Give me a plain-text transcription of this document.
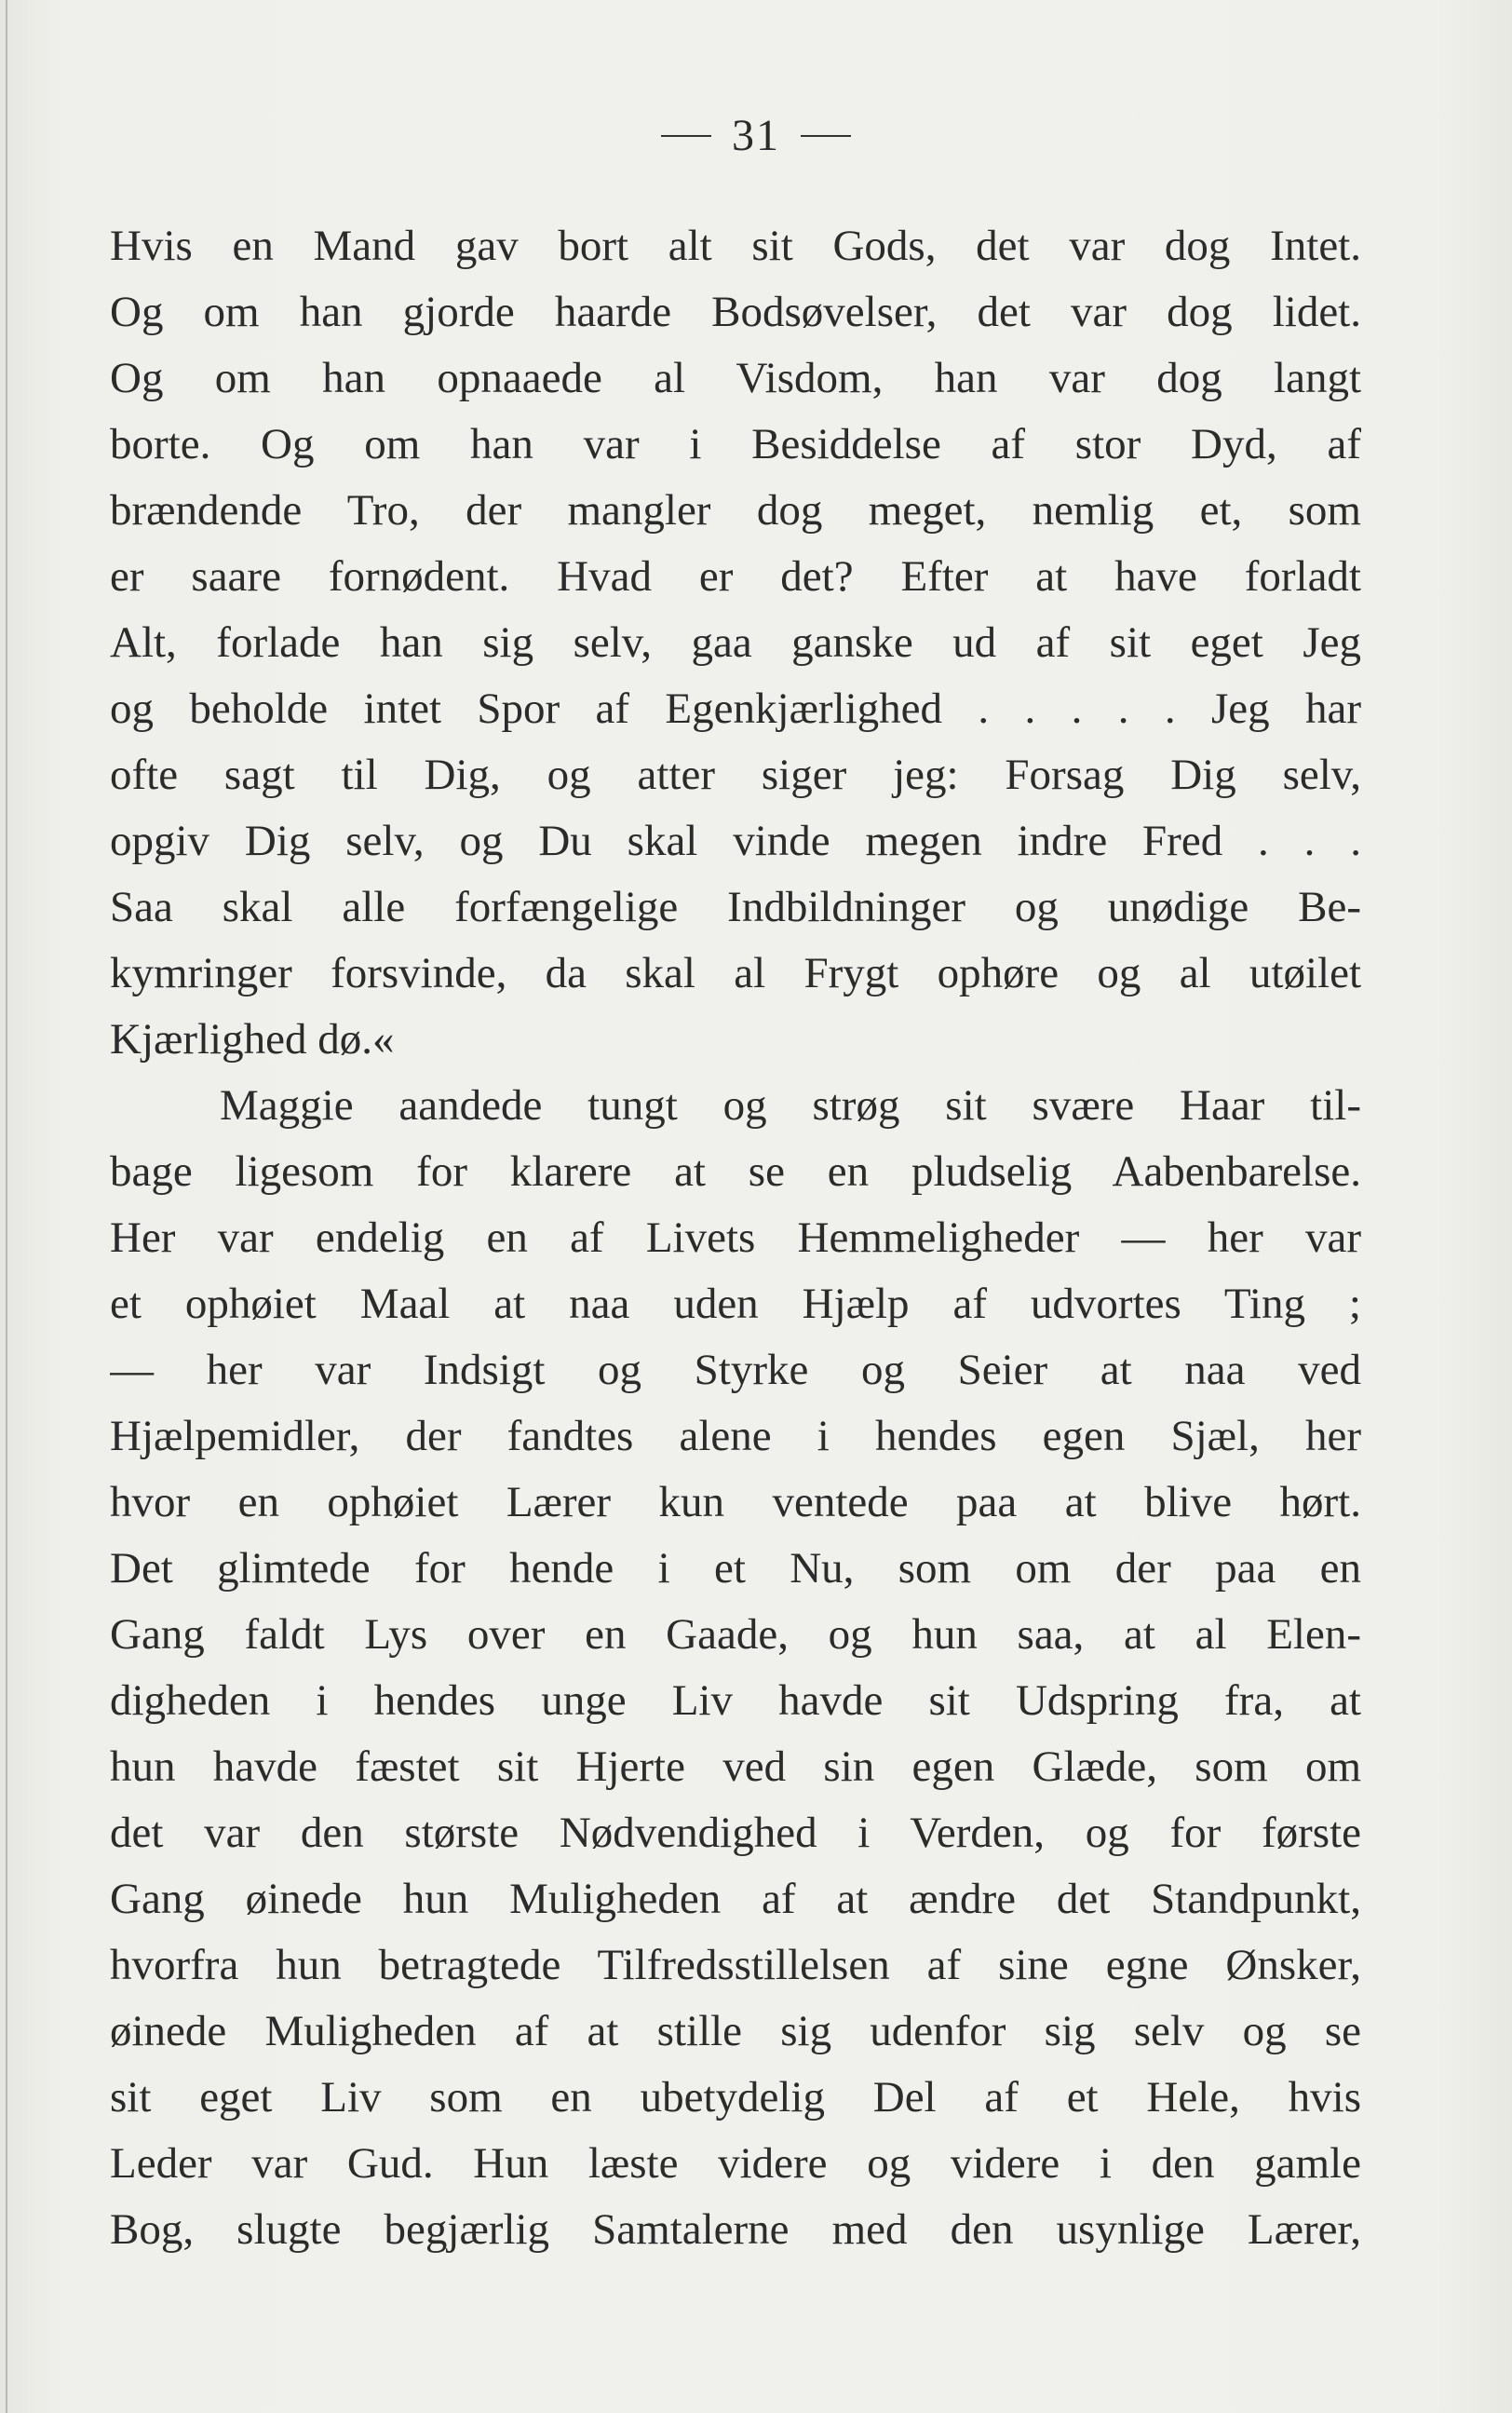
31
Hvis en Mand gav bort alt sit Gods, det var dog Intet.
Og om han gjorde haarde Bodsøvelser, det var dog lidet.
Og om han opnaaede al Visdom, han var dog langt
borte. Og om han var i Besiddelse af stor Dyd, af
brændende Tro, der mangler dog meget, nemlig et, som
er saare fornødent. Hvad er det? Efter at have forladt
Alt, forlade han sig selv, gaa ganske ud af sit eget Jeg
og beholde intet Spor af Egenkjærlighed . . . . . Jeg har
ofte sagt til Dig, og atter siger jeg: Forsag Dig selv,
opgiv Dig selv, og Du skal vinde megen indre Fred . . .
Saa skal alle forfængelige Indbildninger og unødige Be-
kymringer forsvinde, da skal al Frygt ophøre og al utøilet
Kjærlighed dø.«
Maggie aandede tungt og strøg sit svære Haar til-
bage ligesom for klarere at se en pludselig Aabenbarelse.
Her var endelig en af Livets Hemmeligheder — her var
et ophøiet Maal at naa uden Hjælp af udvortes Ting ;
— her var Indsigt og Styrke og Seier at naa ved
Hjælpemidler, der fandtes alene i hendes egen Sjæl, her
hvor en ophøiet Lærer kun ventede paa at blive hørt.
Det glimtede for hende i et Nu, som om der paa en
Gang faldt Lys over en Gaade, og hun saa, at al Elen-
digheden i hendes unge Liv havde sit Udspring fra, at
hun havde fæstet sit Hjerte ved sin egen Glæde, som om
det var den største Nødvendighed i Verden, og for første
Gang øinede hun Muligheden af at ændre det Standpunkt,
hvorfra hun betragtede Tilfredsstillelsen af sine egne Ønsker,
øinede Muligheden af at stille sig udenfor sig selv og se
sit eget Liv som en ubetydelig Del af et Hele, hvis
Leder var Gud. Hun læste videre og videre i den gamle
Bog, slugte begjærlig Samtalerne med den usynlige Lærer,
